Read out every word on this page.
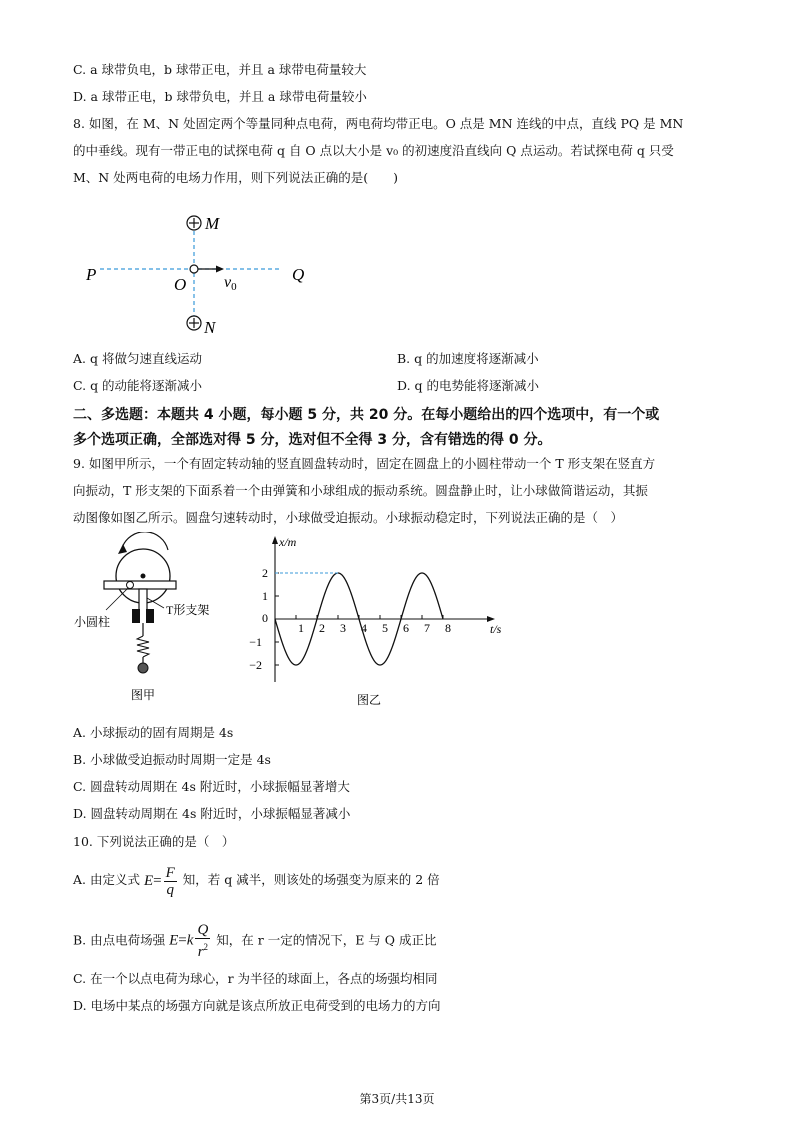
C. a 球带负电，b 球带正电，并且 a 球带电荷量较大
D. a 球带正电，b 球带负电，并且 a 球带电荷量较小
8. 如图，在 M、N 处固定两个等量同种点电荷，两电荷均带正电。O 点是 MN 连线的中点，直线 PQ 是 MN
的中垂线。现有一带正电的试探电荷 q 自 O 点以大小是 v₀ 的初速度沿直线向 Q 点运动。若试探电荷 q 只受
M、N 处两电荷的电场力作用，则下列说法正确的是(　　)
M
N
P	Q
O v0
A. q 将做匀速直线运动	B. q 的加速度将逐渐减小
C. q 的动能将逐渐减小	D. q 的电势能将逐渐减小
二、多选题：本题共 4 小题，每小题 5 分，共 20 分。在每小题给出的四个选项中，有一个或
多个选项正确，全部选对得 5 分，选对但不全得 3 分，含有错选的得 0 分。
9. 如图甲所示，一个有固定转动轴的竖直圆盘转动时，固定在圆盘上的小圆柱带动一个 T 形支架在竖直方
向振动，T 形支架的下面系着一个由弹簧和小球组成的振动系统。圆盘静止时，让小球做简谐运动，其振
动图像如图乙所示。圆盘匀速转动时，小球做受迫振动。小球振动稳定时，下列说法正确的是（　）
小圆柱
T形支架
图甲
x/m
t/s
2
1
0
−1
−2
1 2 3 4 5 6 7 8
图乙
A. 小球振动的固有周期是 4s
B. 小球做受迫振动时周期一定是 4s
C. 圆盘转动周期在 4s 附近时，小球振幅显著增大
D. 圆盘转动周期在 4s 附近时，小球振幅显著减小
10. 下列说法正确的是（　）
A. 由定义式 $E= \frac{F}{q}$ 知，若 q 减半，则该处的场强变为原来的 2 倍
B. 由点电荷场强 $E=k \frac{Q}{r^2}$ 知，在 r 一定的情况下，E 与 Q 成正比
C. 在一个以点电荷为球心，r 为半径的球面上，各点的场强均相同
D. 电场中某点的场强方向就是该点所放正电荷受到的电场力的方向
第3页/共13页
